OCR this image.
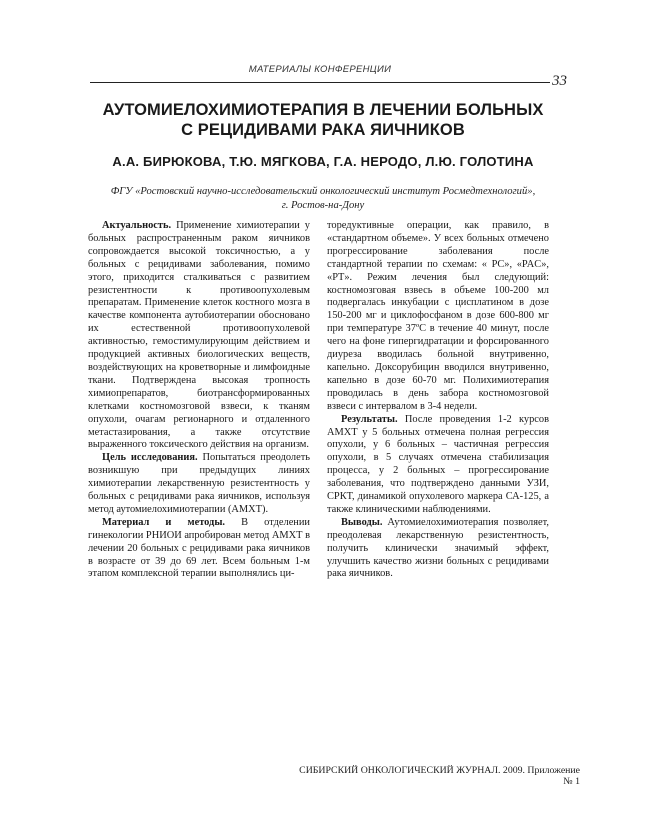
МАТЕРИАЛЫ КОНФЕРЕНЦИИ
33
АУТОМИЕЛОХИМИОТЕРАПИЯ В ЛЕЧЕНИИ БОЛЬНЫХ
С РЕЦИДИВАМИ РАКА ЯИЧНИКОВ
А.А. БИРЮКОВА, Т.Ю. МЯГКОВА, Г.А. НЕРОДО, Л.Ю. ГОЛОТИНА
ФГУ «Ростовский научно-исследовательский онкологический институт Росмедтехнологий»,
г. Ростов-на-Дону

Актуальность. Применение химиотерапии у больных распространенным раком яичников сопровождается высокой токсичностью, а у больных с рецидивами заболевания, помимо этого, приходится сталкиваться с развитием резистентности к противоопухолевым препаратам. Применение клеток костного мозга в качестве компонента аутобиотерапии обосновано их естественной противоопухолевой активностью, гемостимулирующим действием и продукцией активных биологических веществ, воздействующих на кроветворные и лимфоидные ткани. Подтверждена высокая тропность химиопрепаратов, биотрансформированных клетками костномозговой взвеси, к тканям опухоли, очагам регионарного и отдаленного метастазирования, а также отсутствие выраженного токсического действия на организм.

Цель исследования. Попытаться преодолеть возникшую при предыдущих линиях химиотерапии лекарственную резистентность у больных с рецидивами рака яичников, используя метод аутомиелохимиотерапии (АМХТ).

Материал и методы. В отделении гинекологии РНИОИ апробирован метод АМХТ в лечении 20 больных с рецидивами рака яичников в возрасте от 39 до 69 лет. Всем больным 1-м этапом комплексной терапии выполнялись ци-

торедуктивные операции, как правило, в «стандартном объеме». У всех больных отмечено прогрессирование заболевания после стандартной терапии по схемам: « PC», «PAC», «PT». Режим лечения был следующий: костномозговая взвесь в объеме 100-200 мл подвергалась инкубации с цисплатином в дозе 150-200 мг и циклофосфаном в дозе 600-800 мг при температуре 37ºС в течение 40 минут, после чего на фоне гипергидратации и форсированного диуреза вводилась больной внутривенно, капельно. Доксорубицин вводился внутривенно, капельно в дозе 60-70 мг. Полихимиотерапия проводилась в день забора костномозговой взвеси с интервалом в 3-4 недели.

Результаты. После проведения 1-2 курсов АМХТ у 5 больных отмечена полная регрессия опухоли, у 6 больных – частичная регрессия опухоли, в 5 случаях отмечена стабилизация процесса, у 2 больных – прогрессирование заболевания, что подтверждено данными УЗИ, СРКТ, динамикой опухолевого маркера СА-125, а также клиническими наблюдениями.

Выводы. Аутомиелохимиотерапия позволяет, преодолевая лекарственную резистентность, получить клинически значимый эффект, улучшить качество жизни больных с рецидивами рака яичников.

СИБИРСКИЙ ОНКОЛОГИЧЕСКИЙ ЖУРНАЛ. 2009. Приложение № 1
